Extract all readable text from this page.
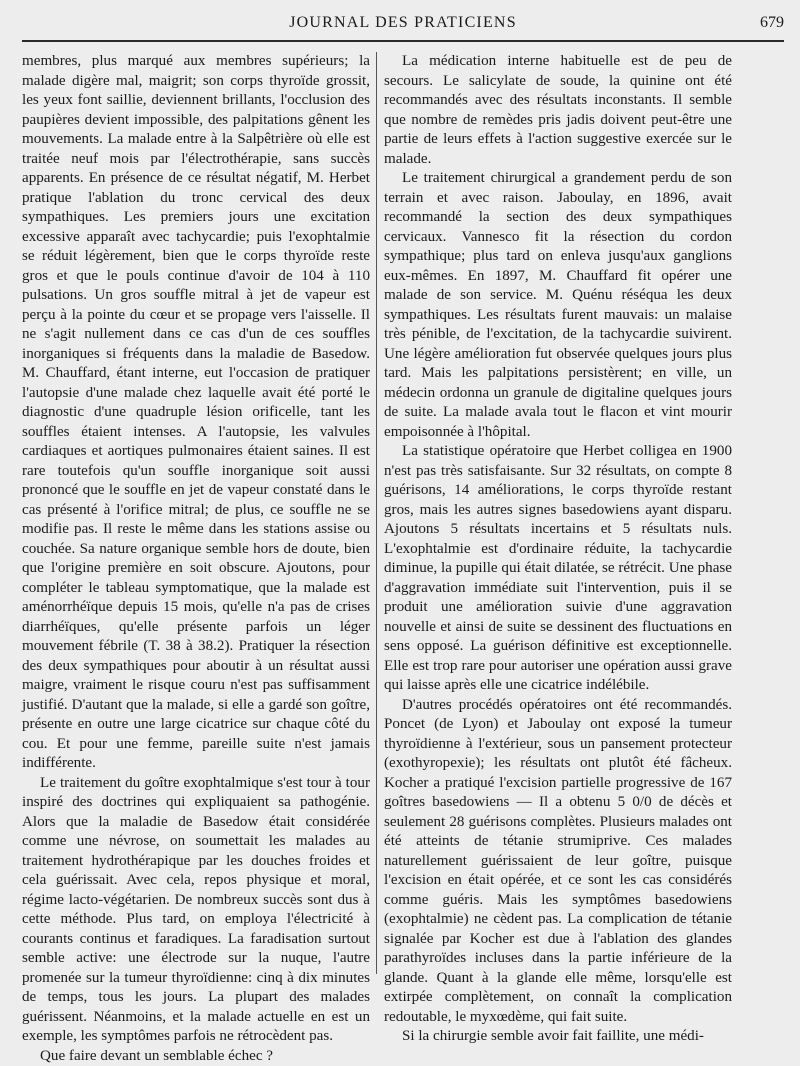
JOURNAL DES PRATICIENS	679

membres, plus marqué aux membres supérieurs; la malade digère mal, maigrit; son corps thyroïde grossit, les yeux font saillie, deviennent brillants, l'occlusion des paupières devient impossible, des palpitations gênent les mouvements. La malade entre à la Salpêtrière où elle est traitée neuf mois par l'électrothérapie, sans succès apparents. En présence de ce résultat négatif, M. Herbet pratique l'ablation du tronc cervical des deux sympathiques. Les premiers jours une excitation excessive apparaît avec tachycardie; puis l'exophtalmie se réduit légèrement, bien que le corps thyroïde reste gros et que le pouls continue d'avoir de 104 à 110 pulsations. Un gros souffle mitral à jet de vapeur est perçu à la pointe du cœur et se propage vers l'aisselle. Il ne s'agit nullement dans ce cas d'un de ces souffles inorganiques si fréquents dans la maladie de Basedow. M. Chauffard, étant interne, eut l'occasion de pratiquer l'autopsie d'une malade chez laquelle avait été porté le diagnostic d'une quadruple lésion orificelle, tant les souffles étaient intenses. A l'autopsie, les valvules cardiaques et aortiques pulmonaires étaient saines. Il est rare toutefois qu'un souffle inorganique soit aussi prononcé que le souffle en jet de vapeur constaté dans le cas présenté à l'orifice mitral; de plus, ce souffle ne se modifie pas. Il reste le même dans les stations assise ou couchée. Sa nature organique semble hors de doute, bien que l'origine première en soit obscure. Ajoutons, pour compléter le tableau symptomatique, que la malade est aménorrhéïque depuis 15 mois, qu'elle n'a pas de crises diarrhéïques, qu'elle présente parfois un léger mouvement fébrile (T. 38 à 38.2). Pratiquer la résection des deux sympathiques pour aboutir à un résultat aussi maigre, vraiment le risque couru n'est pas suffisamment justifié. D'autant que la malade, si elle a gardé son goître, présente en outre une large cicatrice sur chaque côté du cou. Et pour une femme, pareille suite n'est jamais indifférente.

Le traitement du goître exophtalmique s'est tour à tour inspiré des doctrines qui expliquaient sa pathogénie. Alors que la maladie de Basedow était considérée comme une névrose, on soumettait les malades au traitement hydrothérapique par les douches froides et cela guérissait. Avec cela, repos physique et moral, régime lacto-végétarien. De nombreux succès sont dus à cette méthode. Plus tard, on employa l'électricité à courants continus et faradiques. La faradisation surtout semble active: une électrode sur la nuque, l'autre promenée sur la tumeur thyroïdienne: cinq à dix minutes de temps, tous les jours. La plupart des malades guérissent. Néanmoins, et la malade actuelle en est un exemple, les symptômes parfois ne rétrocèdent pas.

Que faire devant un semblable échec ?

La médication interne habituelle est de peu de secours. Le salicylate de soude, la quinine ont été recommandés avec des résultats inconstants. Il semble que nombre de remèdes pris jadis doivent peut-être une partie de leurs effets à l'action suggestive exercée sur le malade.

Le traitement chirurgical a grandement perdu de son terrain et avec raison. Jaboulay, en 1896, avait recommandé la section des deux sympathiques cervicaux. Vannesco fit la résection du cordon sympathique; plus tard on enleva jusqu'aux ganglions eux-mêmes. En 1897, M. Chauffard fit opérer une malade de son service. M. Quénu réséqua les deux sympathiques. Les résultats furent mauvais: un malaise très pénible, de l'excitation, de la tachycardie suivirent. Une légère amélioration fut observée quelques jours plus tard. Mais les palpitations persistèrent; en ville, un médecin ordonna un granule de digitaline quelques jours de suite. La malade avala tout le flacon et vint mourir empoisonnée à l'hôpital.

La statistique opératoire que Herbet colligea en 1900 n'est pas très satisfaisante. Sur 32 résultats, on compte 8 guérisons, 14 améliorations, le corps thyroïde restant gros, mais les autres signes basedowiens ayant disparu. Ajoutons 5 résultats incertains et 5 résultats nuls. L'exophtalmie est d'ordinaire réduite, la tachycardie diminue, la pupille qui était dilatée, se rétrécit. Une phase d'aggravation immédiate suit l'intervention, puis il se produit une amélioration suivie d'une aggravation nouvelle et ainsi de suite se dessinent des fluctuations en sens opposé. La guérison définitive est exceptionnelle. Elle est trop rare pour autoriser une opération aussi grave qui laisse après elle une cicatrice indélébile.

D'autres procédés opératoires ont été recommandés. Poncet (de Lyon) et Jaboulay ont exposé la tumeur thyroïdienne à l'extérieur, sous un pansement protecteur (exothyropexie); les résultats ont plutôt été fâcheux. Kocher a pratiqué l'excision partielle progressive de 167 goîtres basedowiens — Il a obtenu 5 0/0 de décès et seulement 28 guérisons complètes. Plusieurs malades ont été atteints de tétanie strumiprive. Ces malades naturellement guérissaient de leur goître, puisque l'excision en était opérée, et ce sont les cas considérés comme guéris. Mais les symptômes basedowiens (exophtalmie) ne cèdent pas. La complication de tétanie signalée par Kocher est due à l'ablation des glandes parathyroïdes incluses dans la partie inférieure de la glande. Quant à la glande elle même, lorsqu'elle est extirpée complètement, on connaît la complication redoutable, le myxœdème, qui fait suite.

Si la chirurgie semble avoir fait faillite, une médi-
